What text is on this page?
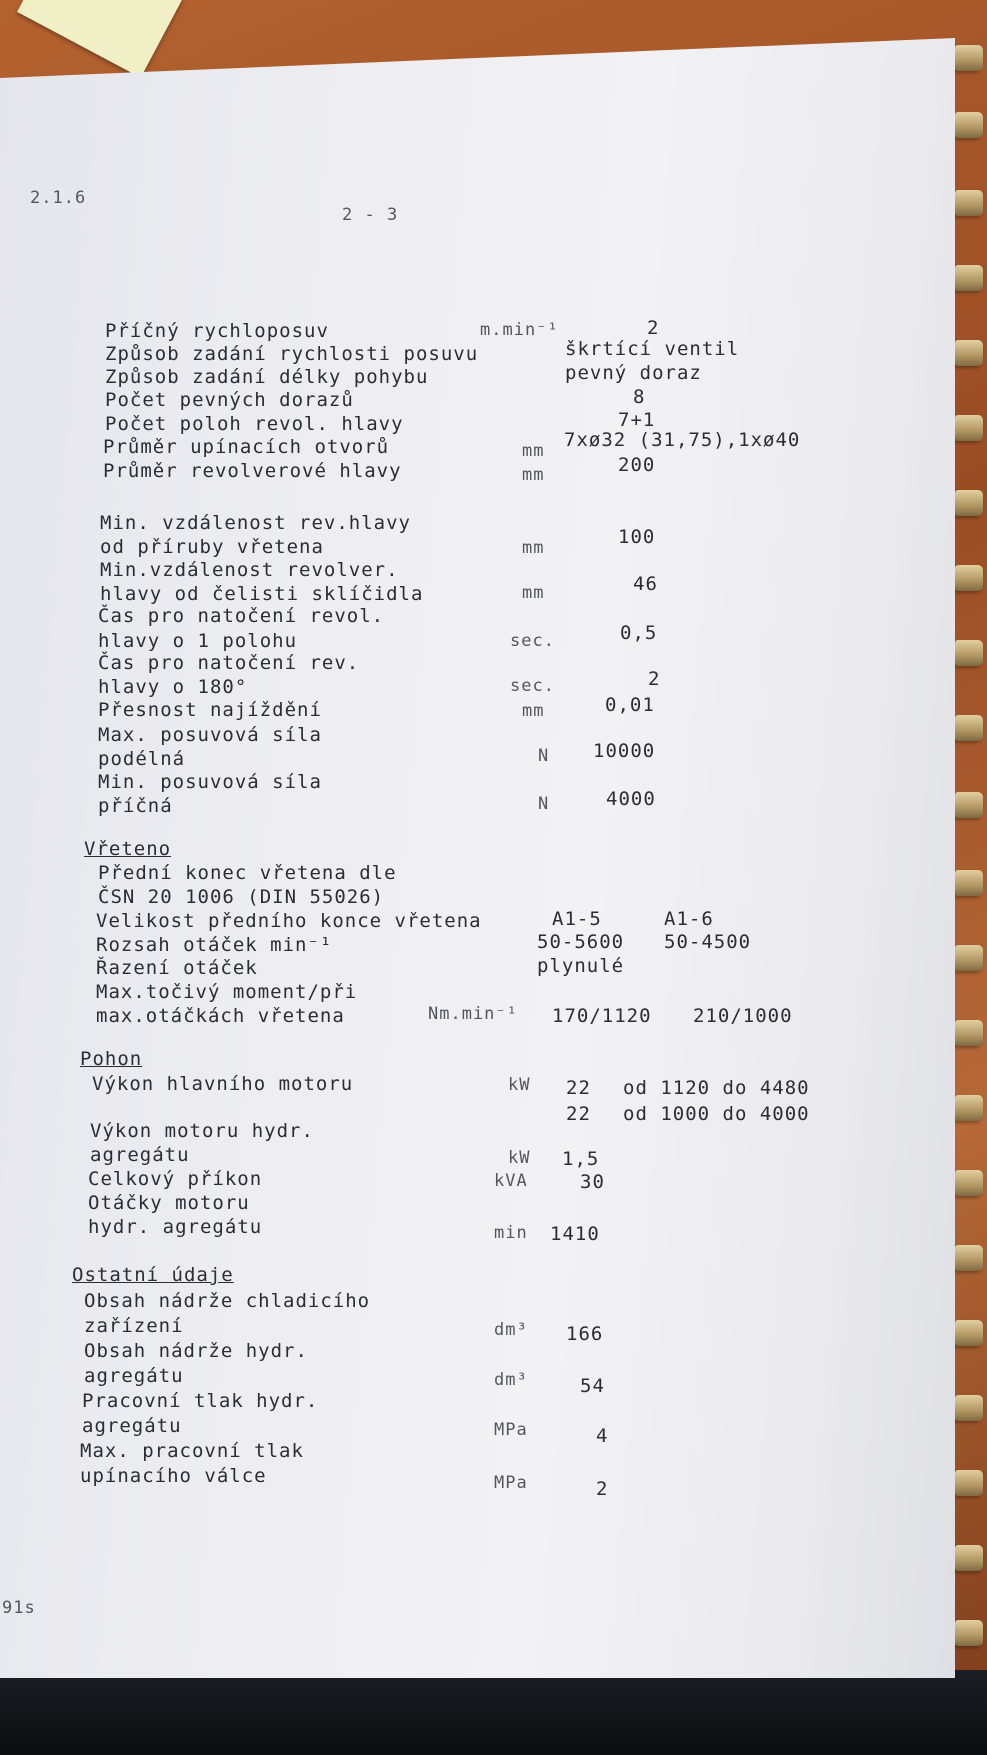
2.1.6
2 - 3
Příčný rychloposuv	m.min⁻¹	2
Způsob zadání rychlosti posuvu	škrtící ventil
Způsob zadání délky pohybu	pevný doraz
Počet pevných dorazů	8
Počet poloh revol. hlavy	7+1
Průměr upínacích otvorů	mm 7xø32 (31,75),1xø40
Průměr revolverové hlavy	mm	200
Min. vzdálenost rev.hlavy
od příruby vřetena	mm	100
Min.vzdálenost revolver.
hlavy od čelisti sklíčidla	mm	46
Čas pro natočení revol.
hlavy o 1 polohu	sec.	0,5
Čas pro natočení rev.
hlavy o 180°	sec.	2
Přesnost najíždění	mm	0,01
Max. posuvová síla
podélná	N 10000
Min. posuvová síla
příčná	N	4000
Vřeteno
Přední konec vřetena dle
ČSN 20 1006 (DIN 55026)
Velikost předního konce vřetena	A1-5	A1-6
Rozsah otáček min⁻¹	50-5600 50-4500
Řazení otáček	plynulé
Max.točivý moment/při
max.otáčkách vřetena	Nm.min⁻¹ 170/1120 210/1000
Pohon
Výkon hlavního motoru	kW 22 od 1120 do 4480
22 od 1000 do 4000
Výkon motoru hydr.
agregátu	kW 1,5
Celkový příkon	kVA	30
Otáčky motoru
hydr. agregátu	min 1410
Ostatní údaje
Obsah nádrže chladicího
zařízení	dm³ 166
Obsah nádrže hydr.
agregátu	dm³	54
Pracovní tlak hydr.
agregátu	MPa	4
Max. pracovní tlak
upínacího válce	MPa	2
91s
